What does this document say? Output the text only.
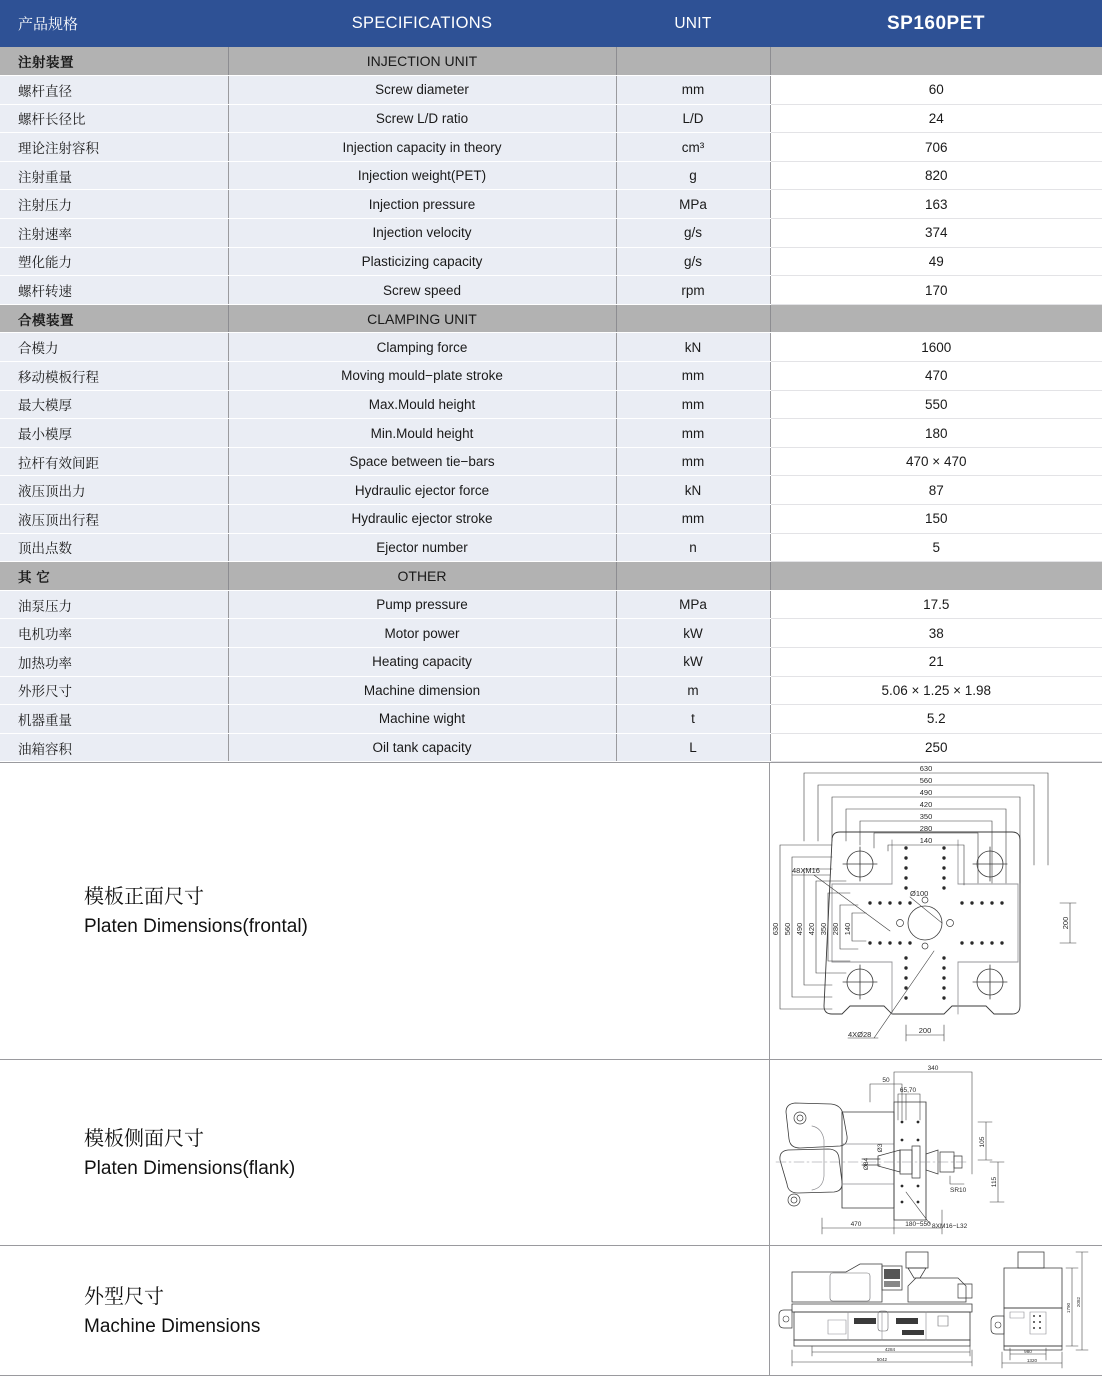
产品规格	SPECIFICATIONS	UNIT	SP160PET
注射装置	INJECTION UNIT		
螺杆直径	Screw diameter	mm	60
螺杆长径比	Screw L/D ratio	L/D	24
理论注射容积	Injection capacity in theory	cm³	706
注射重量	Injection weight(PET)	g	820
注射压力	Injection pressure	MPa	163
注射速率	Injection velocity	g/s	374
塑化能力	Plasticizing capacity	g/s	49
螺杆转速	Screw speed	rpm	170
合模装置	CLAMPING UNIT		
合模力	Clamping force	kN	1600
移动模板行程	Moving mould−plate stroke	mm	470
最大模厚	Max.Mould height	mm	550
最小模厚	Min.Mould height	mm	180
拉杆有效间距	Space between tie−bars	mm	470 × 470
液压顶出力	Hydraulic ejector force	kN	87
液压顶出行程	Hydraulic ejector stroke	mm	150
顶出点数	Ejector number	n	5
其 它	OTHER		
油泵压力	Pump pressure	MPa	17.5
电机功率	Motor power	kW	38
加热功率	Heating capacity	kW	21
外形尺寸	Machine dimension	m	5.06 × 1.25 × 1.98
机器重量	Machine wight	t	5.2
油箱容积	Oil tank capacity	L	250
模板正面尺寸
Platen Dimensions(frontal)
630
560
490
420
350
280
140
630 560 490 420 350 280 140	200
200
48XM16
4XØ28
Ø100
模板侧面尺寸
Platen Dimensions(flank)
340
50
65,70
105
115
Ø3
Ø84
SR10
470	180−550 8XM16−L32
外型尺寸
Machine Dimensions
4284
5042
1790
2082
980
1320
